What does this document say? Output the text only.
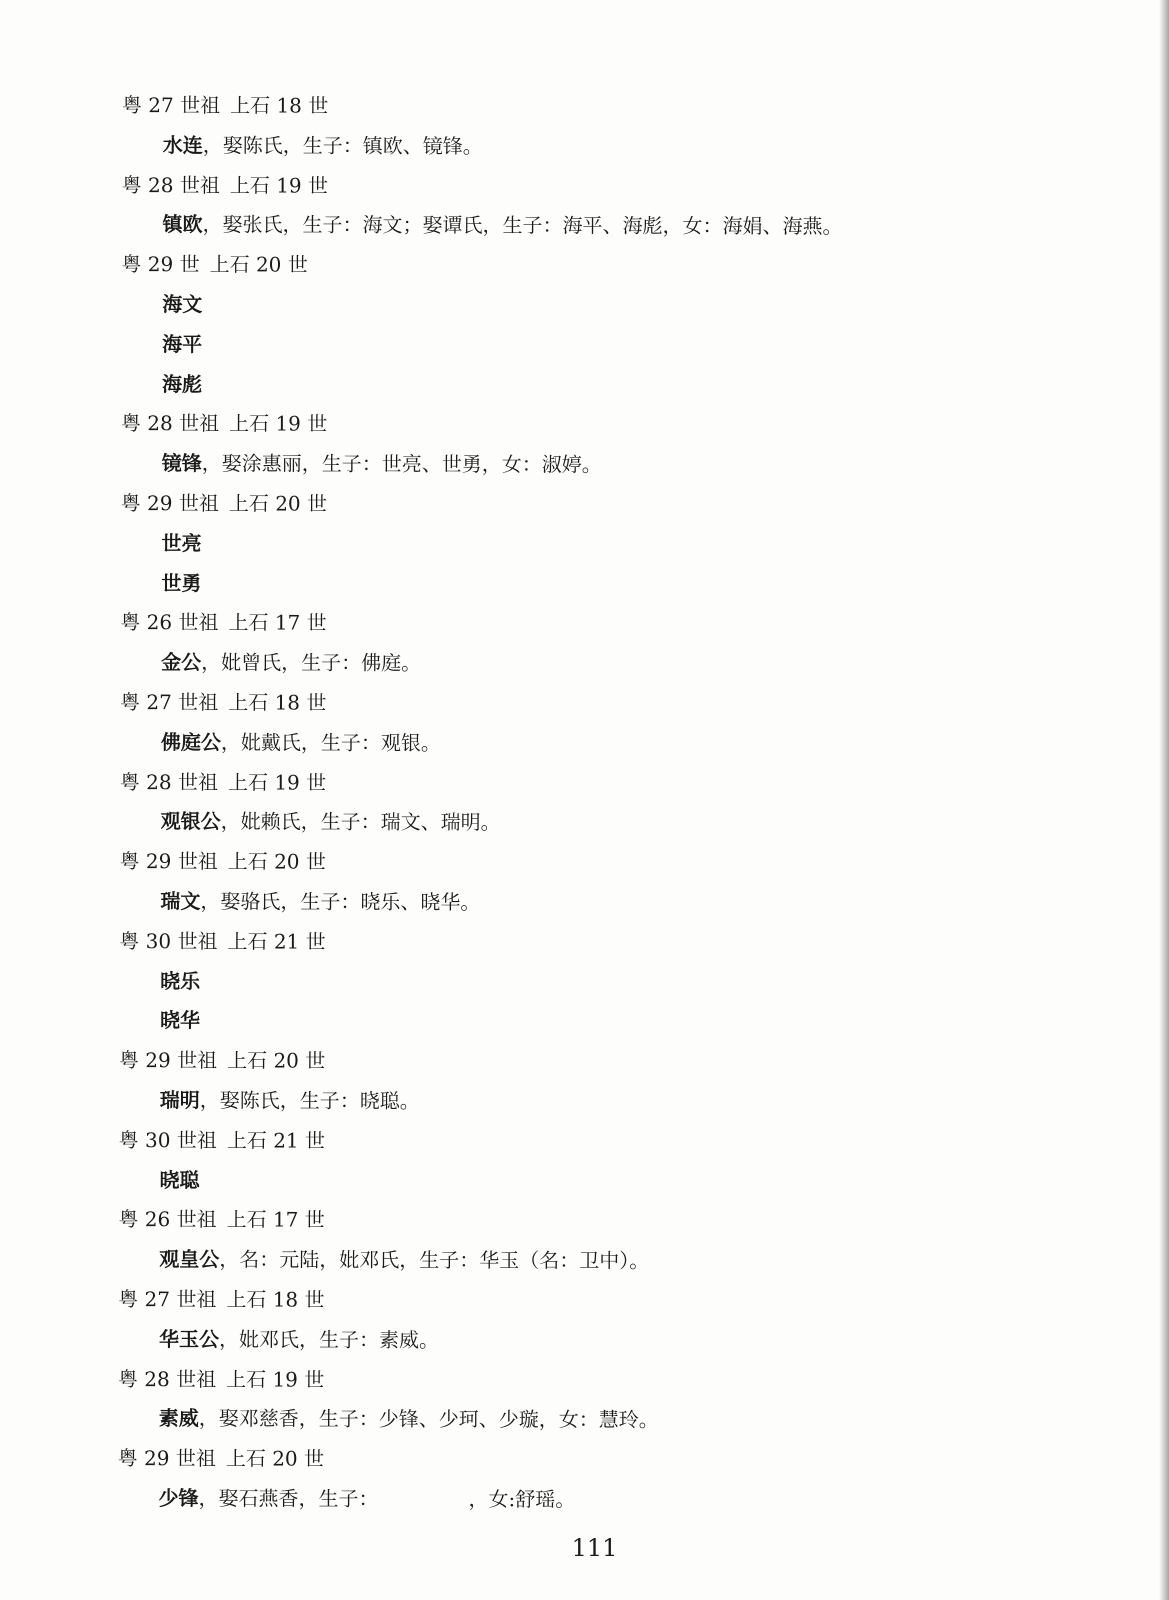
粤 27 世祖 上石 18 世
水连，娶陈氏，生子：镇欧、镜锋。
粤 28 世祖 上石 19 世
镇欧，娶张氏，生子：海文；娶谭氏，生子：海平、海彪，女：海娟、海燕。
粤 29 世 上石 20 世
海文
海平
海彪
粤 28 世祖 上石 19 世
镜锋，娶涂惠丽，生子：世亮、世勇，女：淑婷。
粤 29 世祖 上石 20 世
世亮
世勇
粤 26 世祖 上石 17 世
金公，妣曾氏，生子：佛庭。
粤 27 世祖 上石 18 世
佛庭公，妣戴氏，生子：观银。
粤 28 世祖 上石 19 世
观银公，妣赖氏，生子：瑞文、瑞明。
粤 29 世祖 上石 20 世
瑞文，娶骆氏，生子：晓乐、晓华。
粤 30 世祖 上石 21 世
晓乐
晓华
粤 29 世祖 上石 20 世
瑞明，娶陈氏，生子：晓聪。
粤 30 世祖 上石 21 世
晓聪
粤 26 世祖 上石 17 世
观皇公，名：元陆，妣邓氏，生子：华玉（名：卫中）。
粤 27 世祖 上石 18 世
华玉公，妣邓氏，生子：素威。
粤 28 世祖 上石 19 世
素威，娶邓慈香，生子：少锋、少珂、少璇，女：慧玲。
粤 29 世祖 上石 20 世
少锋，娶石燕香，生子：　　　　　，女:舒瑶。
111
